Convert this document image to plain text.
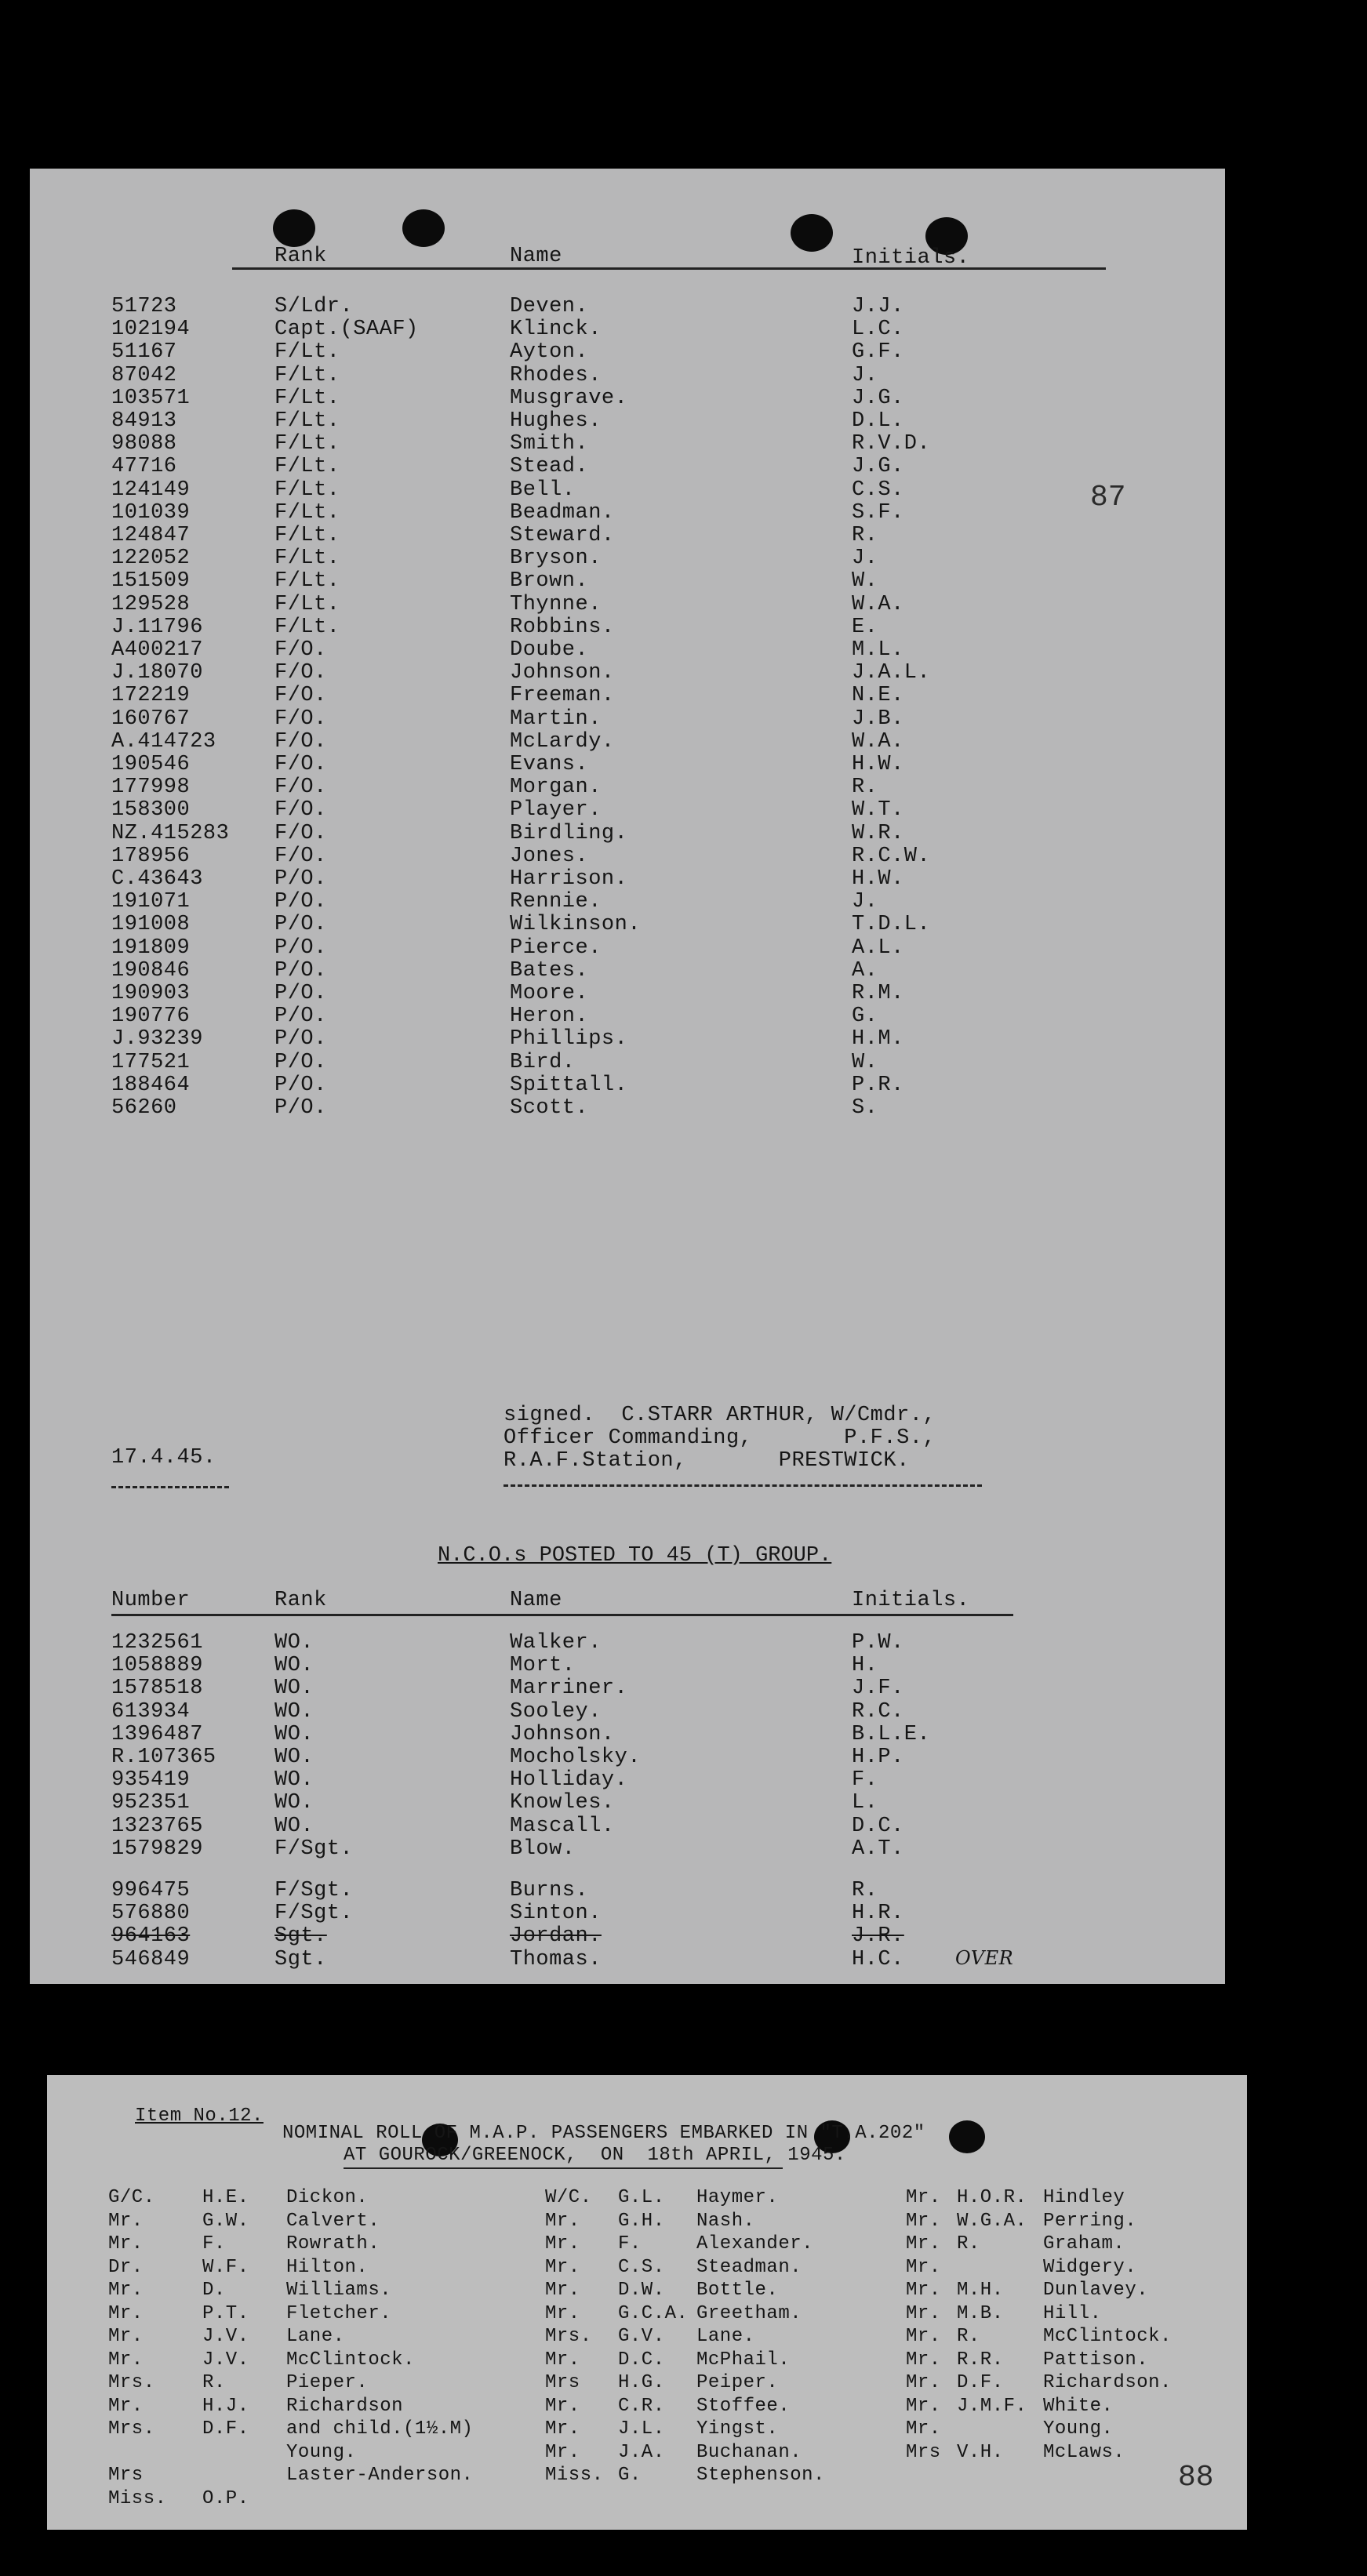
Rank	Name	Initials.
51723	S/Ldr.	Deven.	J.J.
102194	Capt.(SAAF)	Klinck.	L.C.
51167	F/Lt.	Ayton.	G.F.
87042	F/Lt.	Rhodes.	J.
103571	F/Lt.	Musgrave.	J.G.
84913	F/Lt.	Hughes.	D.L.
98088	F/Lt.	Smith.	R.V.D.
47716	F/Lt.	Stead.	J.G.
124149	F/Lt.	Bell.	C.S.
101039	F/Lt.	Beadman.	S.F.
124847	F/Lt.	Steward.	R.
122052	F/Lt.	Bryson.	J.
151509	F/Lt.	Brown.	W.
129528	F/Lt.	Thynne.	W.A.
J.11796	F/Lt.	Robbins.	E.
A400217	F/O.	Doube.	M.L.
J.18070	F/O.	Johnson.	J.A.L.
172219	F/O.	Freeman.	N.E.
160767	F/O.	Martin.	J.B.
A.414723	F/O.	McLardy.	W.A.
190546	F/O.	Evans.	H.W.
177998	F/O.	Morgan.	R.
158300	F/O.	Player.	W.T.
NZ.415283 F/O.	Birdling.	W.R.
178956	F/O.	Jones.	R.C.W.
C.43643	P/O.	Harrison.	H.W.
191071	P/O.	Rennie.	J.
191008	P/O.	Wilkinson.	T.D.L.
191809	P/O.	Pierce.	A.L.
190846	P/O.	Bates.	A.
190903	P/O.	Moore.	R.M.
190776	P/O.	Heron.	G.
J.93239	P/O.	Phillips.	H.M.
177521	P/O.	Bird.	W.
188464	P/O.	Spittall.	P.R.
56260	P/O.	Scott.	S.
87
signed.  C.STARR ARTHUR, W/Cmdr.,
Officer Commanding,       P.F.S.,
17.4.45.	R.A.F.Station,       PRESTWICK.
N.C.O.s POSTED TO 45 (T) GROUP.
Number	Rank	Name	Initials.
1232561	WO.	Walker.	P.W.
1058889	WO.	Mort.	H.
1578518	WO.	Marriner.	J.F.
613934	WO.	Sooley.	R.C.
1396487	WO.	Johnson.	B.L.E.
R.107365	WO.	Mocholsky.	H.P.
935419	WO.	Holliday.	F.
952351	WO.	Knowles.	L.
1323765	WO.	Mascall.	D.C.
1579829	F/Sgt.	Blow.	A.T.
996475	F/Sgt.	Burns.	R.
576880	F/Sgt.	Sinton.	H.R.
964163	Sgt.	Jordan.	J.R.
546849	Sgt.	Thomas.	H.C.	OVER
Item No.12.
NOMINAL ROLL OF M.A.P. PASSENGERS EMBARKED IN "T.A.202"
AT GOUROCK/GREENOCK,  ON  18th APRIL, 1945.
G/C.	H.E. Dickon.
Mr.	G.W. Calvert.
Mr.	F.	Rowrath.
Dr.	W.F. Hilton.
Mr.	D.	Williams.
Mr.	P.T. Fletcher.
Mr.	J.V. Lane.
Mr.	J.V. McClintock.
Mrs.	R.	Pieper.
Mr.	H.J. Richardson
Mrs.	D.F. and child.(1½.M)
Young.
Mrs	Laster-Anderson.
Miss. O.P.
W/C. G.L. Haymer.
Mr. G.H. Nash.
Mr. F.	Alexander.
Mr. C.S. Steadman.
Mr. D.W. Bottle.
Mr. G.C.A. Greetham.
Mrs. G.V. Lane.
Mr. D.C. McPhail.
Mrs H.G. Peiper.
Mr. C.R. Stoffee.
Mr. J.L. Yingst.
Mr. J.A. Buchanan.
Miss. G.	Stephenson.
Mr. H.O.R. Hindley
Mr. W.G.A. Perring.
Mr. R.	Graham.
Mr.	Widgery.
Mr. M.H. Dunlavey.
Mr. M.B. Hill.
Mr. R.	McClintock.
Mr. R.R. Pattison.
Mr. D.F. Richardson.
Mr. J.M.F. White.
Mr.	Young.
Mrs V.H. McLaws.
88
